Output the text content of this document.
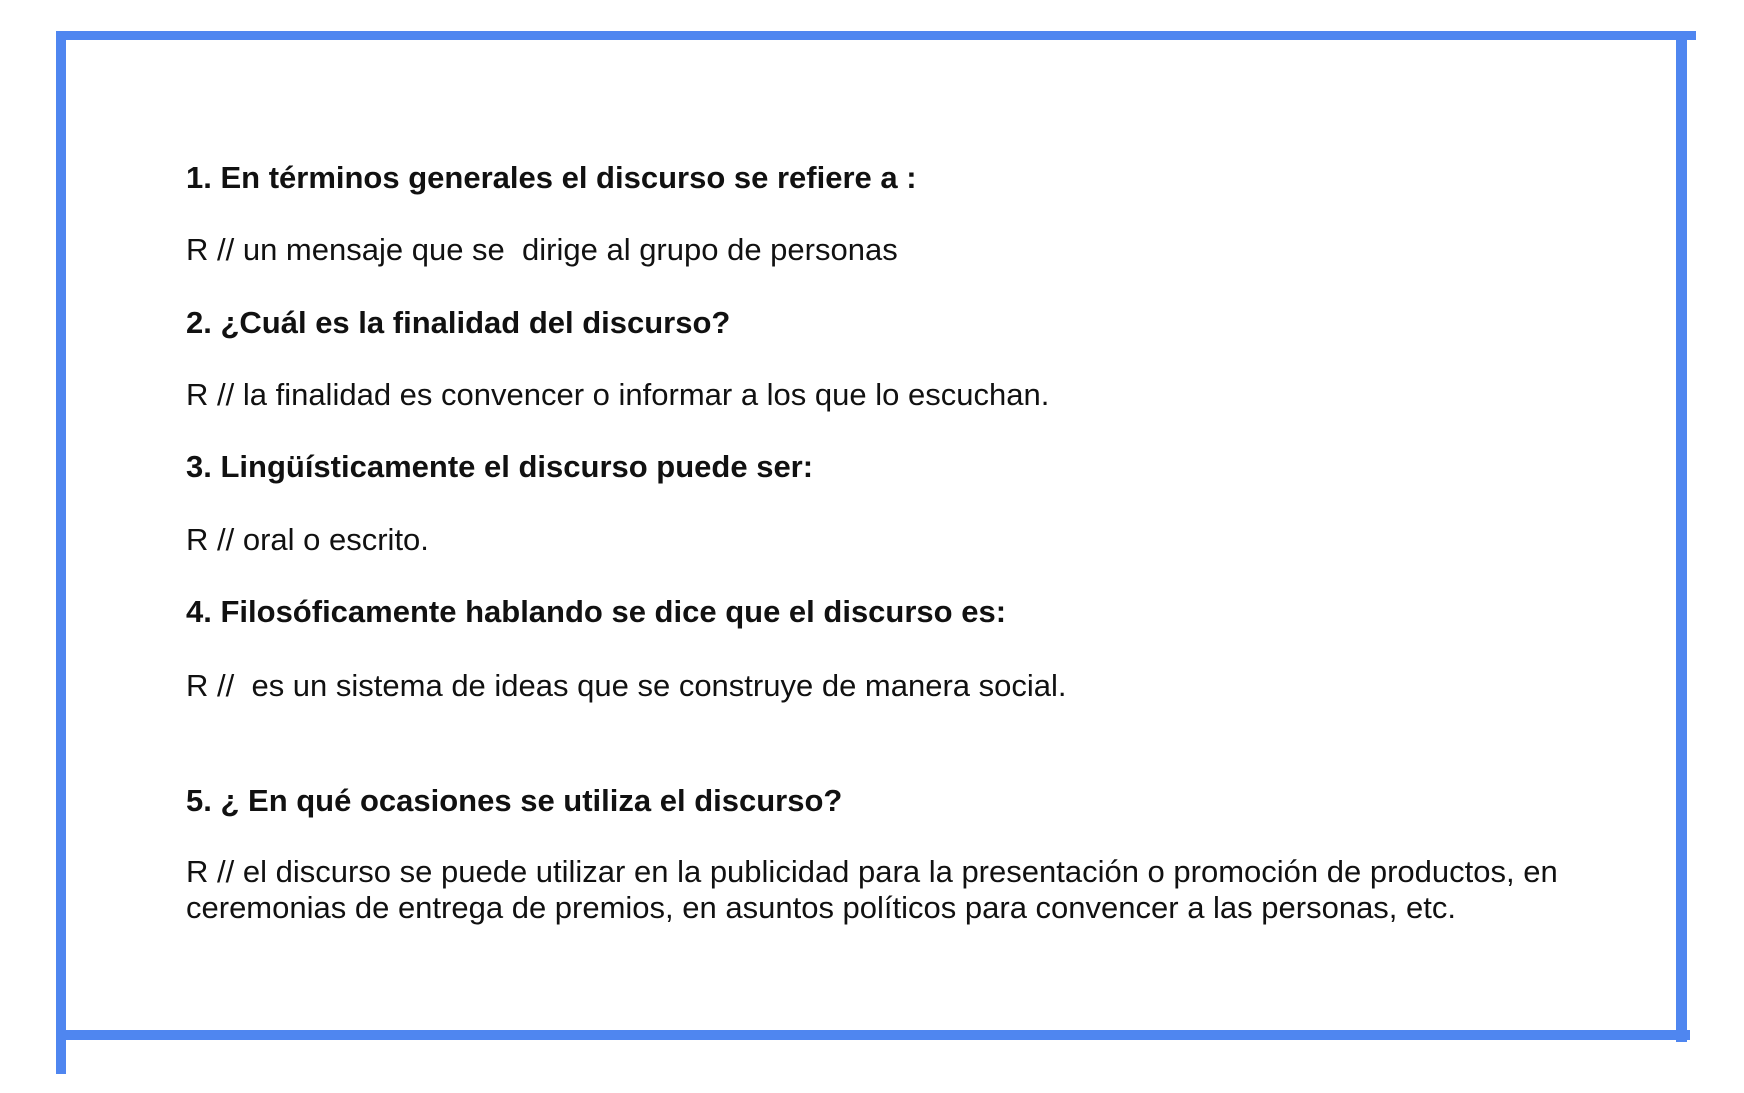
1. En términos generales el discurso se refiere a :

R // un mensaje que se  dirige al grupo de personas

2. ¿Cuál es la finalidad del discurso?

R // la finalidad es convencer o informar a los que lo escuchan.

3. Lingüísticamente el discurso puede ser:

R // oral o escrito.

4. Filosóficamente hablando se dice que el discurso es:

R //  es un sistema de ideas que se construye de manera social.

5. ¿ En qué ocasiones se utiliza el discurso?

R // el discurso se puede utilizar en la publicidad para la presentación o promoción de productos, en ceremonias de entrega de premios, en asuntos políticos para convencer a las personas, etc.
